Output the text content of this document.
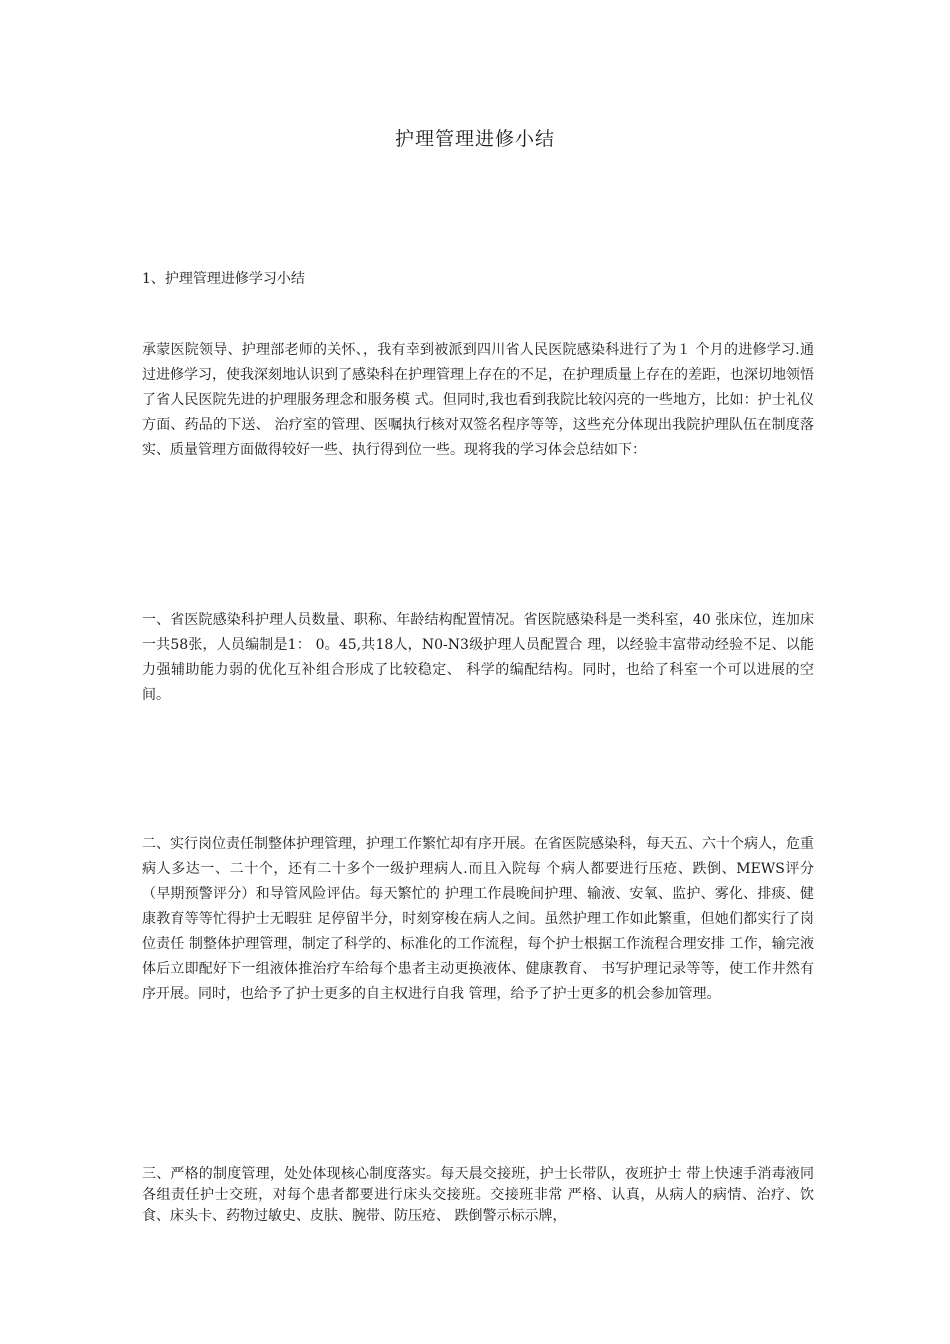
护理管理进修小结
1、护理管理进修学习小结

承蒙医院领导、护理部老师的关怀、，我有幸到被派到四川省人民医院感染科进行了为１ 个月的进修学习.通过进修学习，使我深刻地认识到了感染科在护理管理上存在的不足，在护理质量上存在的差距，也深切地领悟了省人民医院先进的护理服务理念和服务模 式。但同时,我也看到我院比较闪亮的一些地方，比如：护士礼仪方面、药品的下送、 治疗室的管理、医嘱执行核对双签名程序等等，这些充分体现出我院护理队伍在制度落 实、质量管理方面做得较好一些、执行得到位一些。现将我的学习体会总结如下：

一、省医院感染科护理人员数量、职称、年龄结构配置情况。省医院感染科是一类科室，40 张床位，连加床一共58张，人员编制是1： 0。45,共18人，N0-N3级护理人员配置合 理，以经验丰富带动经验不足、以能力强辅助能力弱的优化互补组合形成了比较稳定、 科学的编配结构。同时，也给了科室一个可以进展的空间。

二、实行岗位责任制整体护理管理，护理工作繁忙却有序开展。在省医院感染科，每天五、六十个病人，危重病人多达一、二十个，还有二十多个一级护理病人.而且入院每 个病人都要进行压疮、跌倒、MEWS评分（早期预警评分）和导管风险评估。每天繁忙的 护理工作晨晚间护理、输液、安氧、监护、雾化、排痰、健康教育等等忙得护士无暇驻 足停留半分，时刻穿梭在病人之间。虽然护理工作如此繁重，但她们都实行了岗位责任 制整体护理管理，制定了科学的、标准化的工作流程，每个护士根据工作流程合理安排 工作，输完液体后立即配好下一组液体推治疗车给每个患者主动更换液体、健康教育、 书写护理记录等等，使工作井然有序开展。同时，也给予了护士更多的自主权进行自我 管理，给予了护士更多的机会参加管理。

三、严格的制度管理，处处体现核心制度落实。每天晨交接班，护士长带队，夜班护士 带上快速手消毒液同各组责任护士交班，对每个患者都要进行床头交接班。交接班非常 严格、认真，从病人的病情、治疗、饮食、床头卡、药物过敏史、皮肤、腕带、防压疮、 跌倒警示标示牌，
